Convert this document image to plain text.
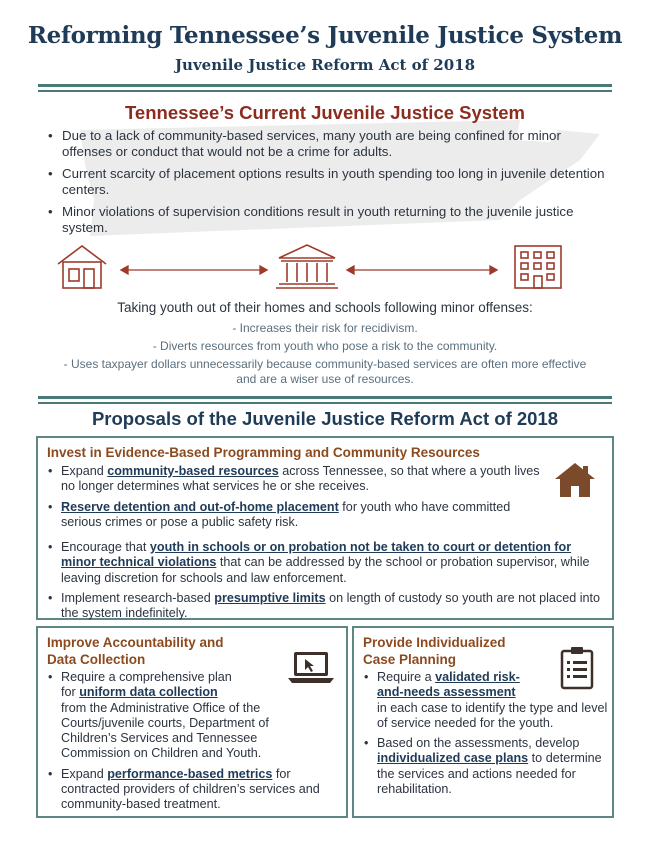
Reforming Tennessee’s Juvenile Justice System
Juvenile Justice Reform Act of 2018
Tennessee’s Current Juvenile Justice System
• Due to a lack of community-based services, many youth are being confined for minor offenses or conduct that would not be a crime for adults.
• Current scarcity of placement options results in youth spending too long in juvenile detention centers.
• Minor violations of supervision conditions result in youth returning to the juvenile justice system.
Taking youth out of their homes and schools following minor offenses:
- Increases their risk for recidivism.
- Diverts resources from youth who pose a risk to the community.
- Uses taxpayer dollars unnecessarily because community-based services are often more effective and are a wiser use of resources.
Proposals of the Juvenile Justice Reform Act of 2018
Invest in Evidence-Based Programming and Community Resources
• Expand community-based resources across Tennessee, so that where a youth lives no longer determines what services he or she receives.
• Reserve detention and out-of-home placement for youth who have committed serious crimes or pose a public safety risk.
• Encourage that youth in schools or on probation not be taken to court or detention for minor technical violations that can be addressed by the school or probation supervisor, while leaving discretion for schools and law enforcement.
• Implement research-based presumptive limits on length of custody so youth are not placed into the system indefinitely.
Improve Accountability and
Data Collection
• Require a comprehensive plan
for uniform data collection
from the Administrative Office of the Courts/juvenile courts, Department of Children’s Services and Tennessee Commission on Children and Youth.
• Expand performance-based metrics for contracted providers of children’s services and community-based treatment.
Provide Individualized
Case Planning
• Require a validated risk-
and-needs assessment
in each case to identify the type and level of service needed for the youth.
• Based on the assessments, develop individualized case plans to determine the services and actions needed for rehabilitation.
